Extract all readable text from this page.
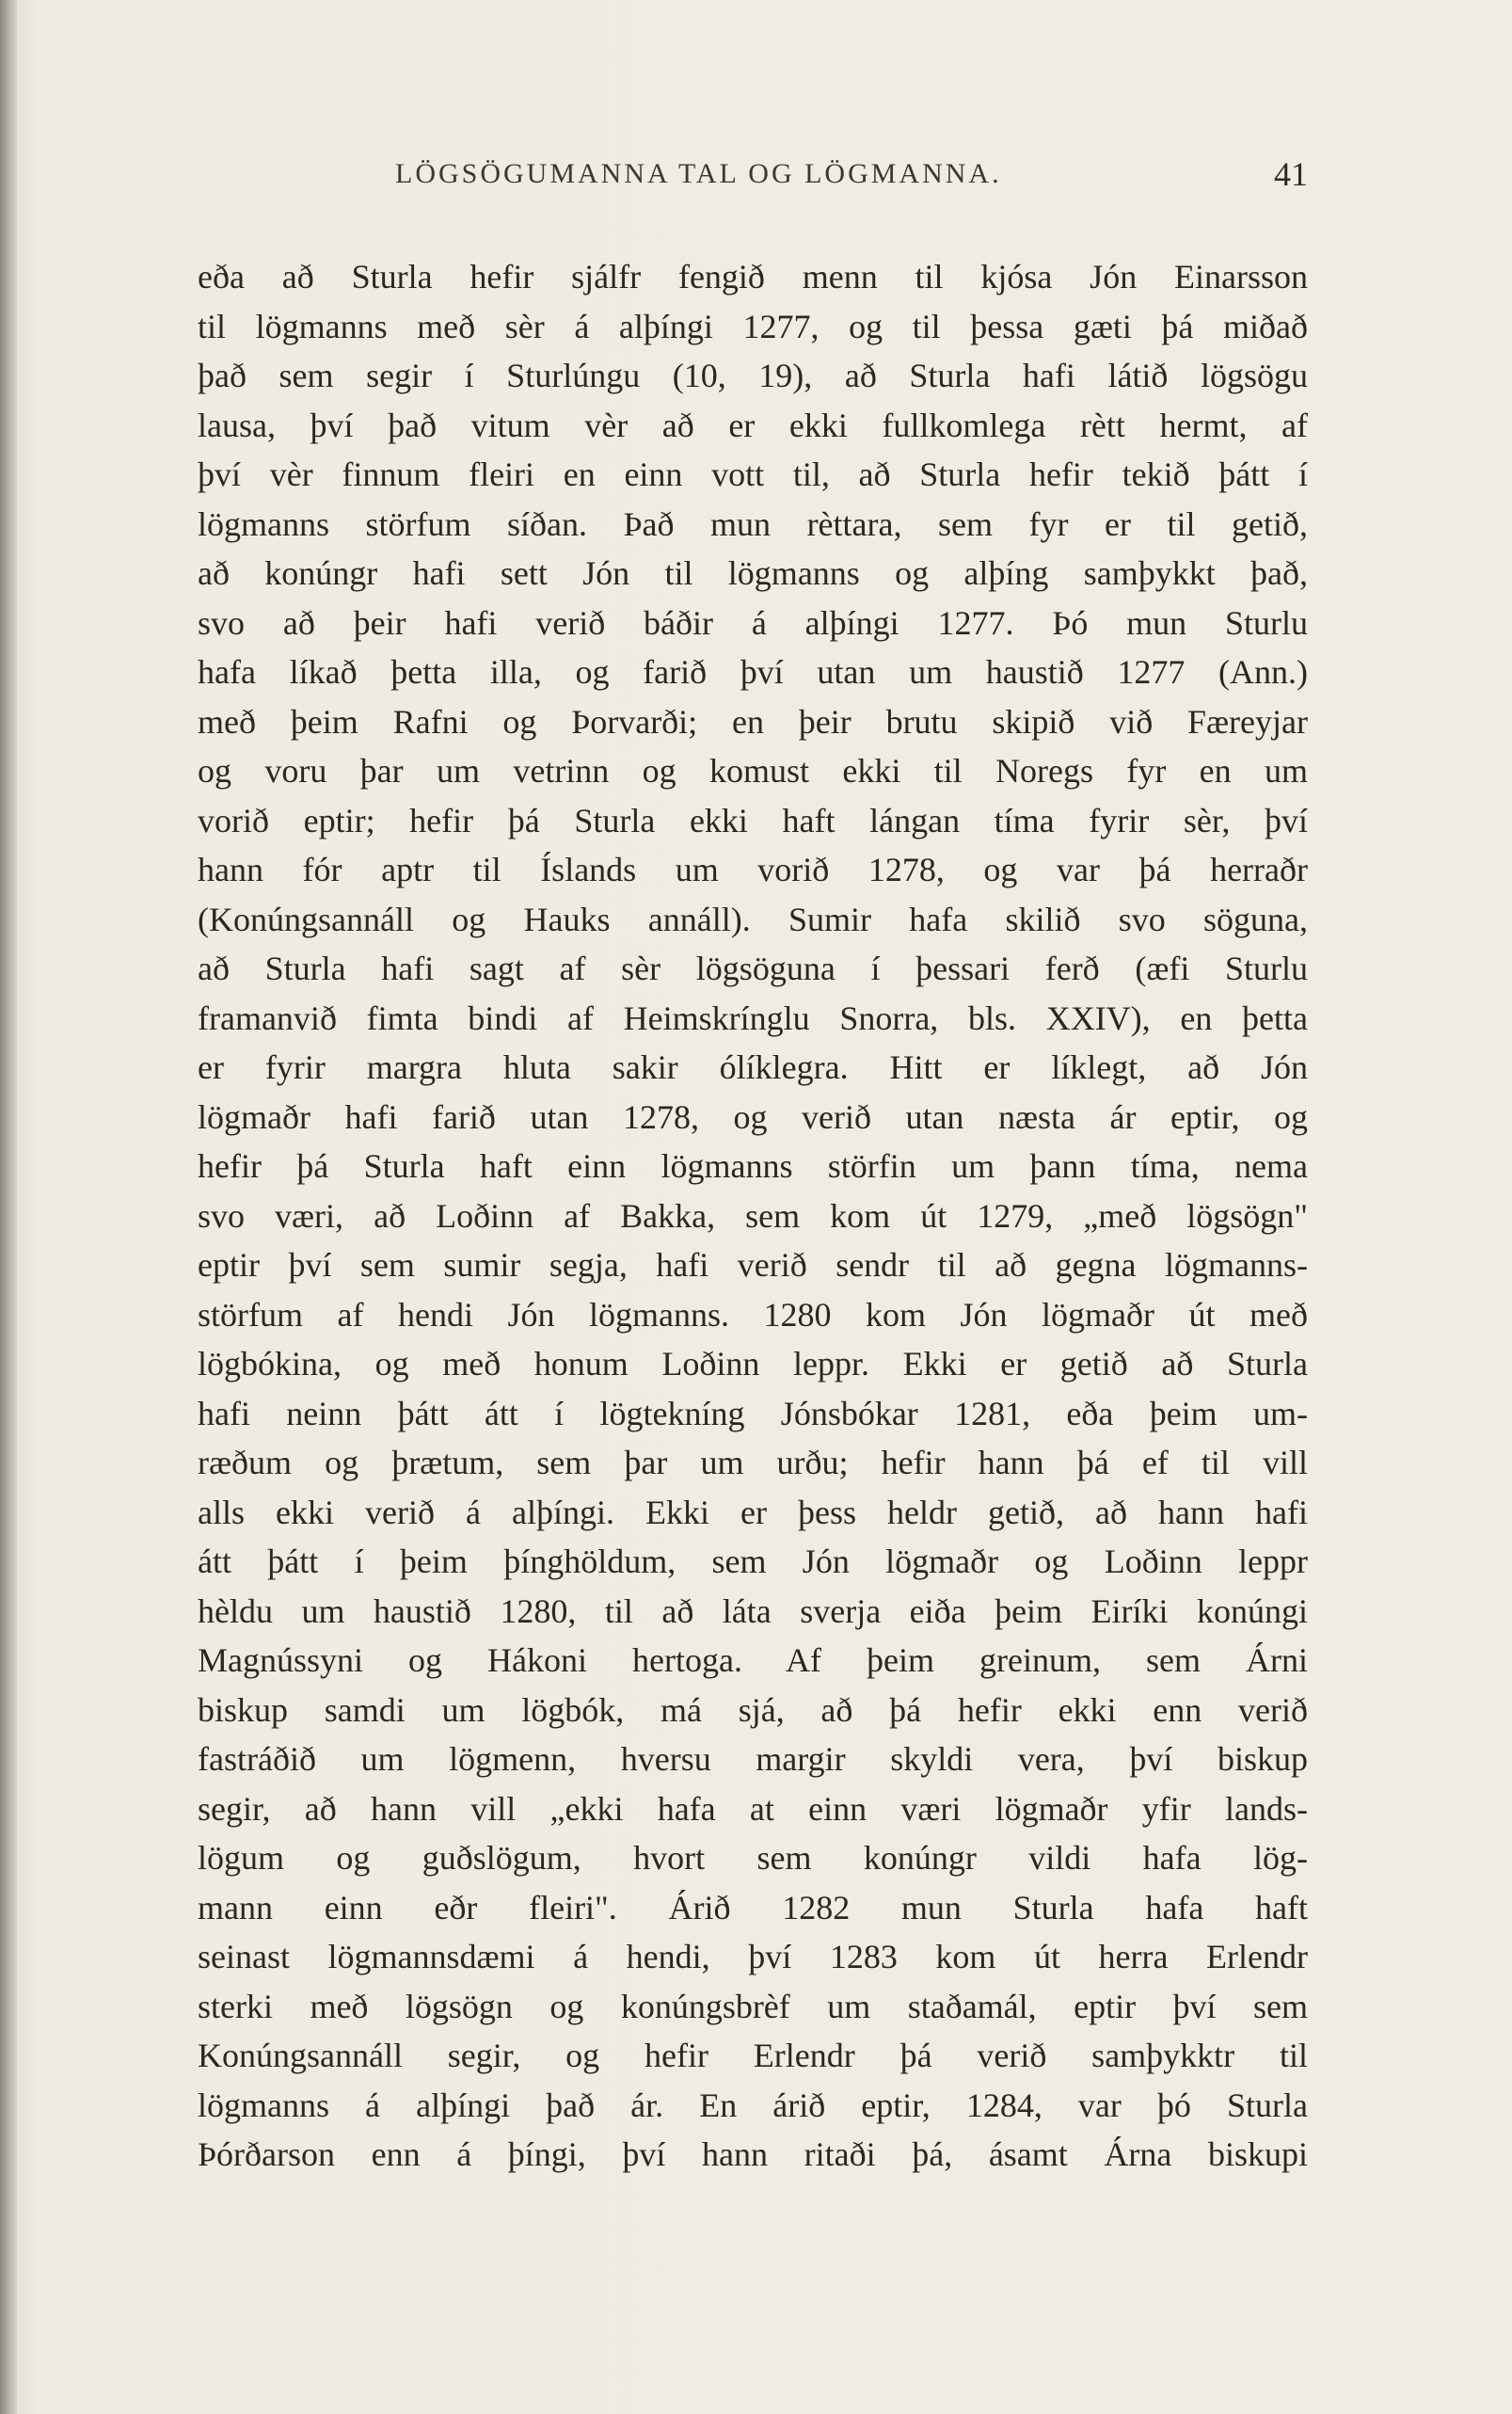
LÖGSÖGUMANNA TAL OG LÖGMANNA.	41
eða að Sturla hefir sjálfr fengið menn til kjósa Jón Einarsson
til lögmanns með sèr á alþíngi 1277, og til þessa gæti þá miðað
það sem segir í Sturlúngu (10, 19), að Sturla hafi látið lögsögu
lausa, því það vitum vèr að er ekki fullkomlega rètt hermt, af
því vèr finnum fleiri en einn vott til, að Sturla hefir tekið þátt í
lögmanns störfum síðan. Það mun rèttara, sem fyr er til getið,
að konúngr hafi sett Jón til lögmanns og alþíng samþykkt það,
svo að þeir hafi verið báðir á alþíngi 1277. Þó mun Sturlu
hafa líkað þetta illa, og farið því utan um haustið 1277 (Ann.)
með þeim Rafni og Þorvarði; en þeir brutu skipið við Færeyjar
og voru þar um vetrinn og komust ekki til Noregs fyr en um
vorið eptir; hefir þá Sturla ekki haft lángan tíma fyrir sèr, því
hann fór aptr til Íslands um vorið 1278, og var þá herraðr
(Konúngsannáll og Hauks annáll). Sumir hafa skilið svo söguna,
að Sturla hafi sagt af sèr lögsöguna í þessari ferð (æfi Sturlu
framanvið fimta bindi af Heimskrínglu Snorra, bls. XXIV), en þetta
er fyrir margra hluta sakir ólíklegra. Hitt er líklegt, að Jón
lögmaðr hafi farið utan 1278, og verið utan næsta ár eptir, og
hefir þá Sturla haft einn lögmanns störfin um þann tíma, nema
svo væri, að Loðinn af Bakka, sem kom út 1279, „með lögsögn"
eptir því sem sumir segja, hafi verið sendr til að gegna lögmanns-
störfum af hendi Jón lögmanns. 1280 kom Jón lögmaðr út með
lögbókina, og með honum Loðinn leppr. Ekki er getið að Sturla
hafi neinn þátt átt í lögtekníng Jónsbókar 1281, eða þeim um-
ræðum og þrætum, sem þar um urðu; hefir hann þá ef til vill
alls ekki verið á alþíngi. Ekki er þess heldr getið, að hann hafi
átt þátt í þeim þínghöldum, sem Jón lögmaðr og Loðinn leppr
hèldu um haustið 1280, til að láta sverja eiða þeim Eiríki konúngi
Magnússyni og Hákoni hertoga. Af þeim greinum, sem Árni
biskup samdi um lögbók, má sjá, að þá hefir ekki enn verið
fastráðið um lögmenn, hversu margir skyldi vera, því biskup
segir, að hann vill „ekki hafa at einn væri lögmaðr yfir lands-
lögum og guðslögum, hvort sem konúngr vildi hafa lög-
mann einn eðr fleiri". Árið 1282 mun Sturla hafa haft
seinast lögmannsdæmi á hendi, því 1283 kom út herra Erlendr
sterki með lögsögn og konúngsbrèf um staðamál, eptir því sem
Konúngsannáll segir, og hefir Erlendr þá verið samþykktr til
lögmanns á alþíngi það ár. En árið eptir, 1284, var þó Sturla
Þórðarson enn á þíngi, því hann ritaði þá, ásamt Árna biskupi
